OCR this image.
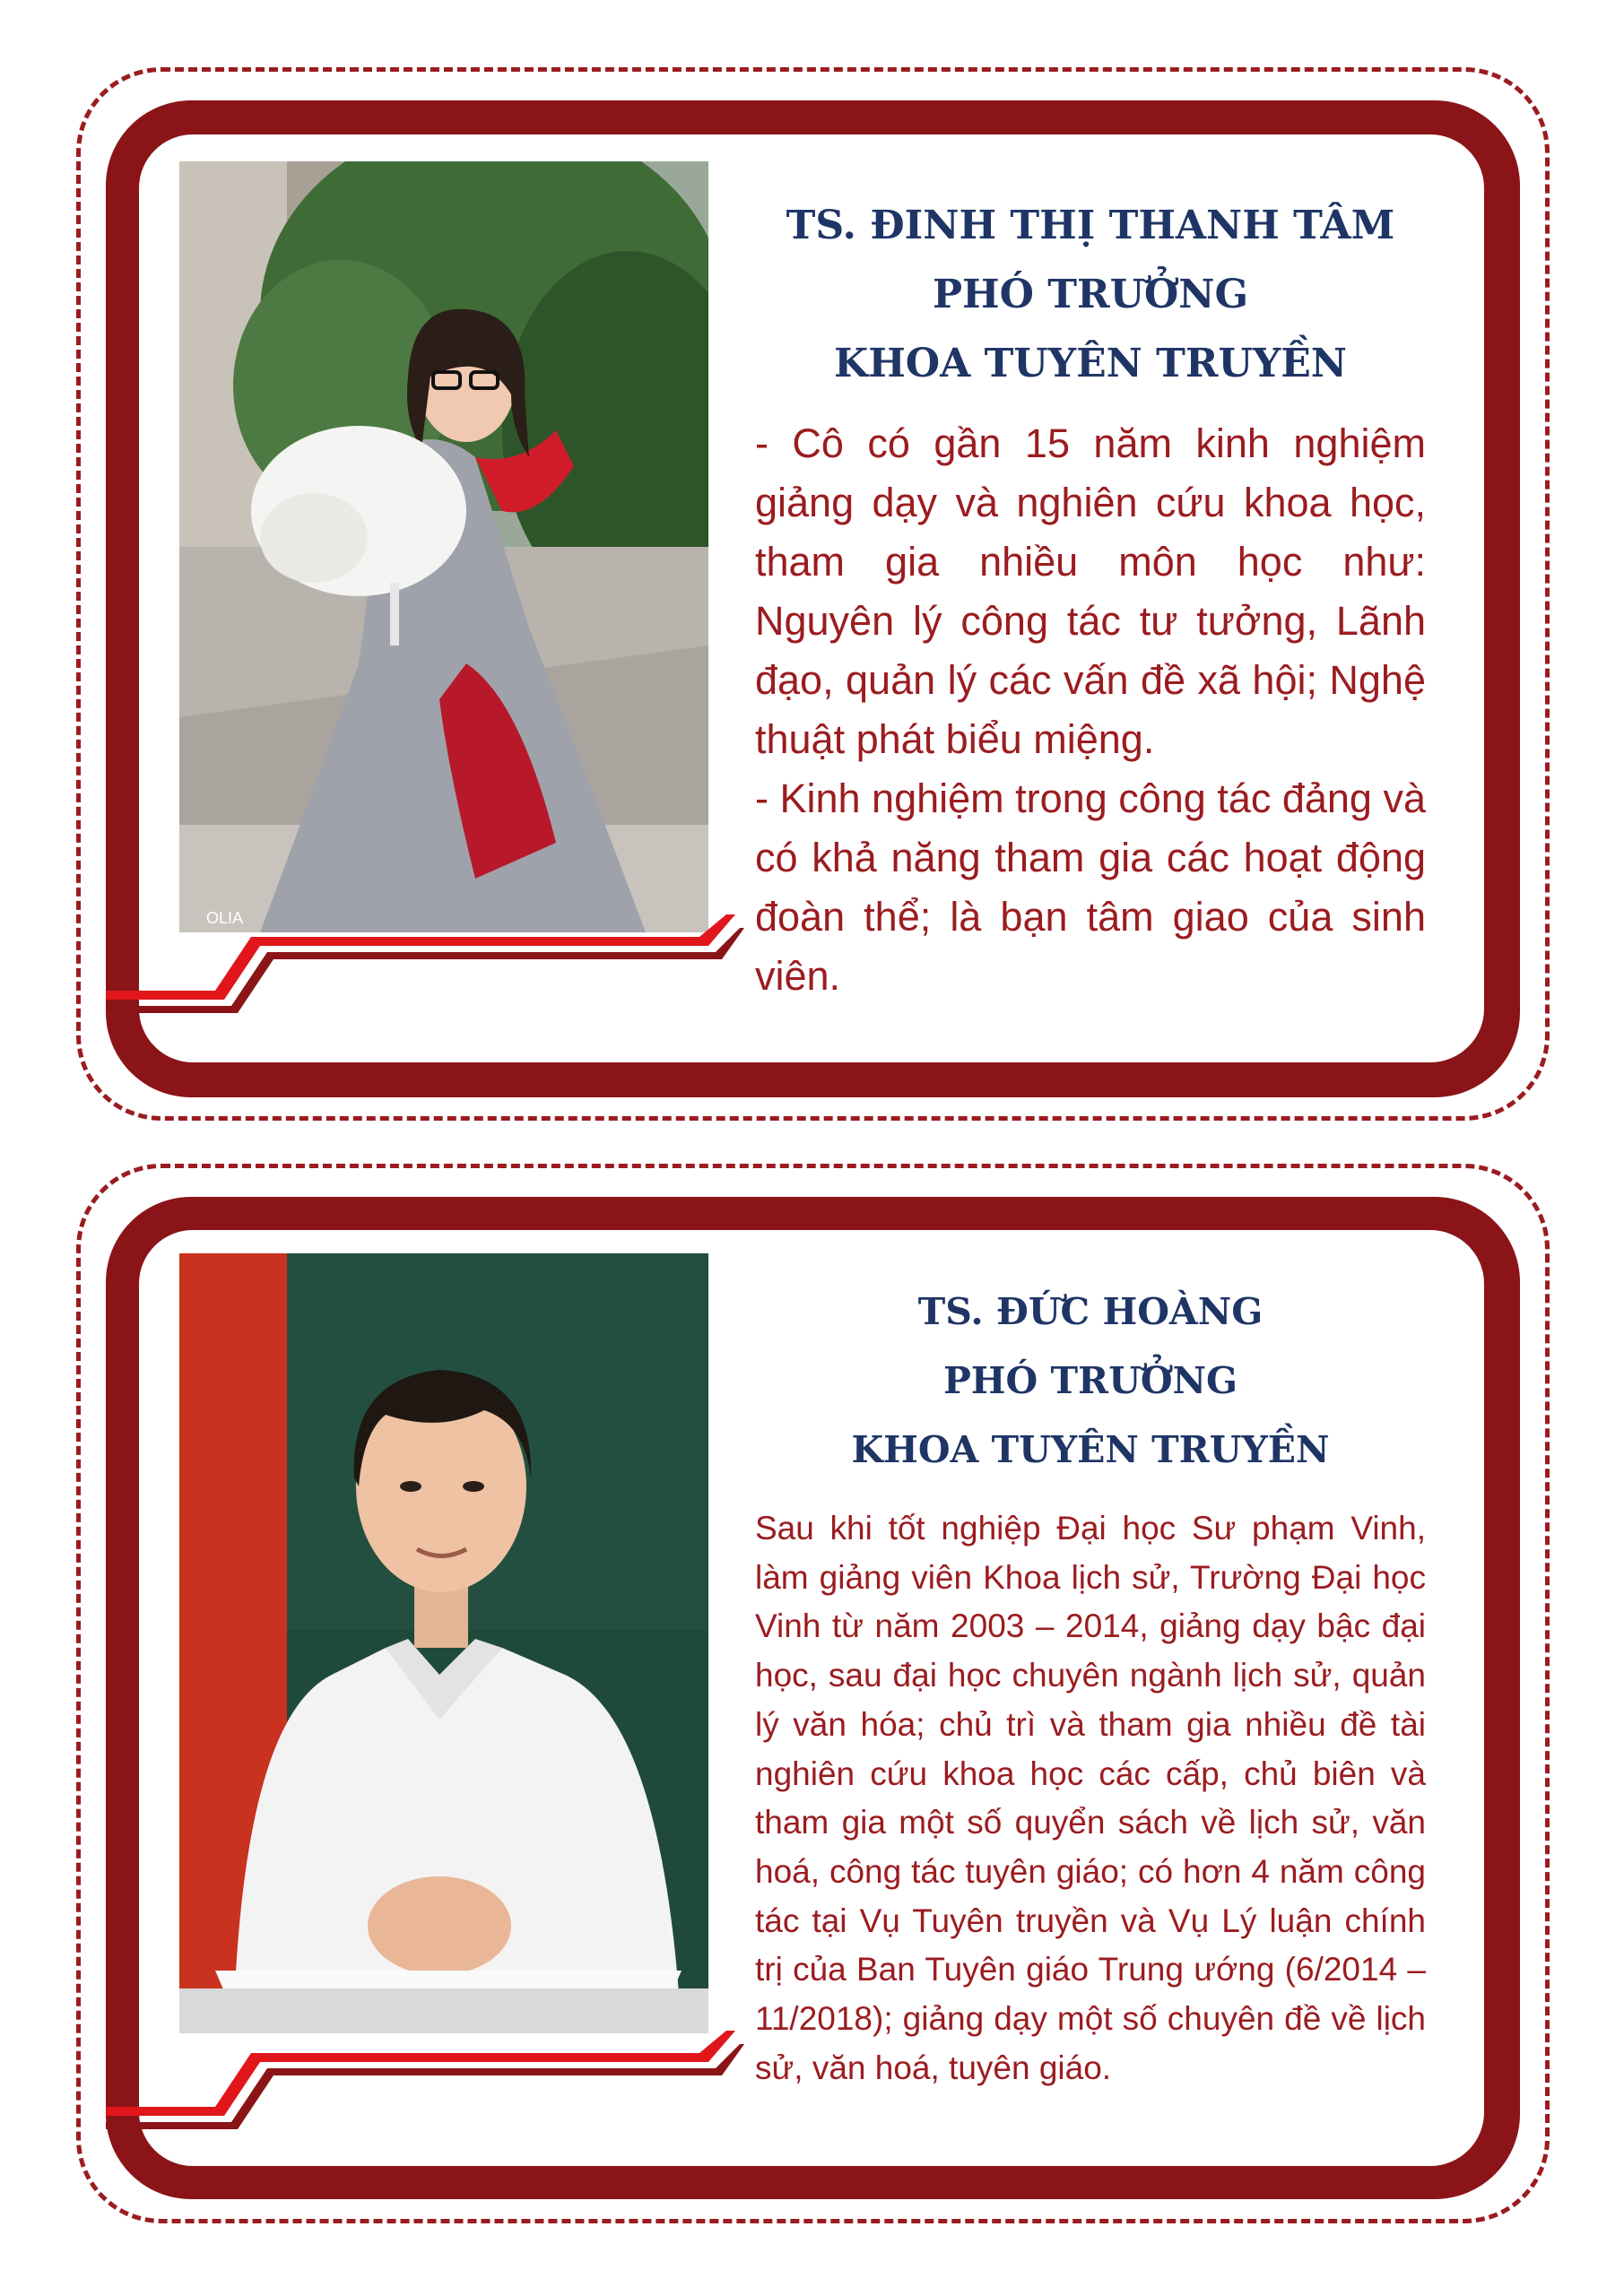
OLIA

TS. ĐINH THỊ THANH TÂM

PHÓ TRƯỞNG

KHOA TUYÊN TRUYỀN

- Cô có gần 15 năm kinh nghiệm giảng dạy và nghiên cứu khoa học, tham gia nhiều môn học như: Nguyên lý công tác tư tưởng, Lãnh đạo, quản lý các vấn đề xã hội; Nghệ thuật phát biểu miệng.

- Kinh nghiệm trong công tác đảng và có khả năng tham gia các hoạt động đoàn thể; là bạn tâm giao của sinh viên.

TS. ĐỨC HOÀNG

PHÓ TRƯỞNG

KHOA TUYÊN TRUYỀN

Sau khi tốt nghiệp Đại học Sư phạm Vinh, làm giảng viên Khoa lịch sử, Trường Đại học Vinh từ năm 2003 – 2014, giảng dạy bậc đại học, sau đại học chuyên ngành lịch sử, quản lý văn hóa; chủ trì và tham gia nhiều đề tài nghiên cứu khoa học các cấp, chủ biên và tham gia một số quyển sách về lịch sử, văn hoá, công tác tuyên giáo; có hơn 4 năm công tác tại Vụ Tuyên truyền và Vụ Lý luận chính trị của Ban Tuyên giáo Trung ướng (6/2014 – 11/2018); giảng dạy một số chuyên đề về lịch sử, văn hoá, tuyên giáo.
